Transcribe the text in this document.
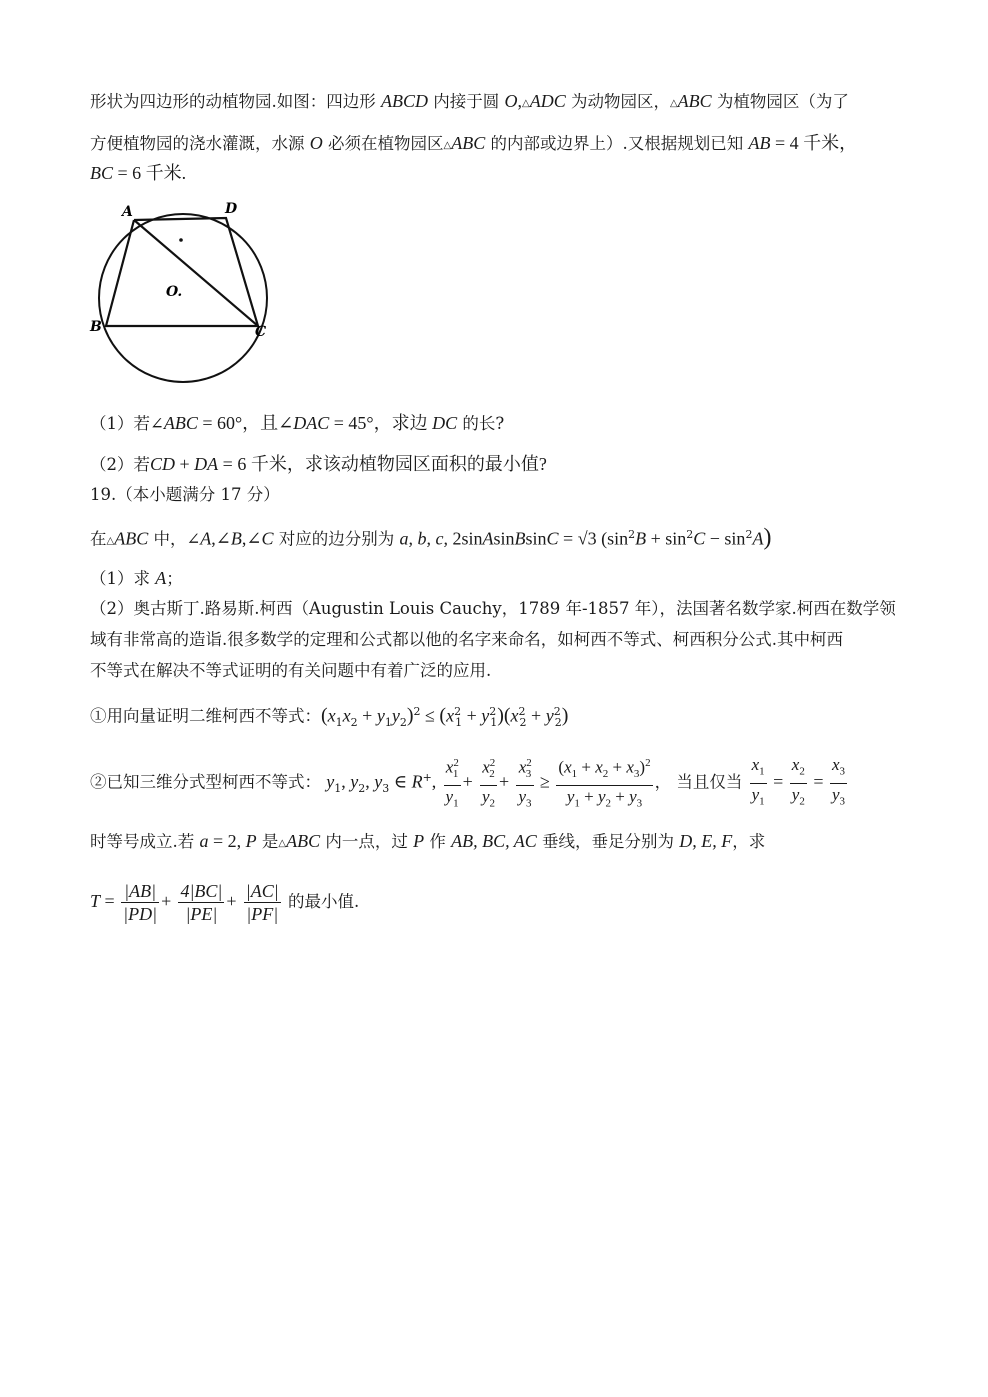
形状为四边形的动植物园.如图：四边形 ABCD 内接于圆 O,△ADC 为动物园区，△ABC 为植物园区（为了
方便植物园的浇水灌溉，水源 O 必须在植物园区△ABC 的内部或边界上）.又根据规划已知 AB = 4 千米，
BC = 6 千米.
A	D
B	C
O.
（1）若∠ABC = 60°，且∠DAC = 45°，求边 DC 的长?
（2）若CD + DA = 6 千米，求该动植物园区面积的最小值?
19.（本小题满分 17 分）
在△ABC 中，∠A,∠B,∠C 对应的边分别为 a, b, c, 2sinAsinBsinC = √3 $(\sin^2B + \sin^2C - \sin^2A)$
（1）求 A；
（2）奥古斯丁.路易斯.柯西（Augustin Louis Cauchy，1789 年-1857 年），法国著名数学家.柯西在数学领
域有非常高的造诣.很多数学的定理和公式都以他的名字来命名，如柯西不等式、柯西积分公式.其中柯西
不等式在解决不等式证明的有关问题中有着广泛的应用.
①用向量证明二维柯西不等式：$(x_1x_2 + y_1y_2)^2 \le (x^2_1 + y^2_1)(x^2_2 + y^2_2)$
②已知三维分式型柯西不等式： $y_1$, $y_2$, $y_3$ ∈ R+, $\frac{x^2_1}{y_1} + \frac{x^2_2}{y_2} + \frac{x^2_3}{y_3} \ge \frac{(x_1 + x_2 + x_3)^2}{y_1 + y_2 + y_3}$ ， 当且仅当 $\frac{x_1}{y_1} = \frac{x_2}{y_2} = \frac{x_3}{y_3}$
时等号成立.若 a = 2, P 是△ABC 内一点，过 P 作 AB, BC, AC 垂线，垂足分别为 D, E, F，求
$T = \frac{|AB|}{|PD|} + \frac{4|BC|}{|PE|} + \frac{|AC|}{|PF|}$ 的最小值.
